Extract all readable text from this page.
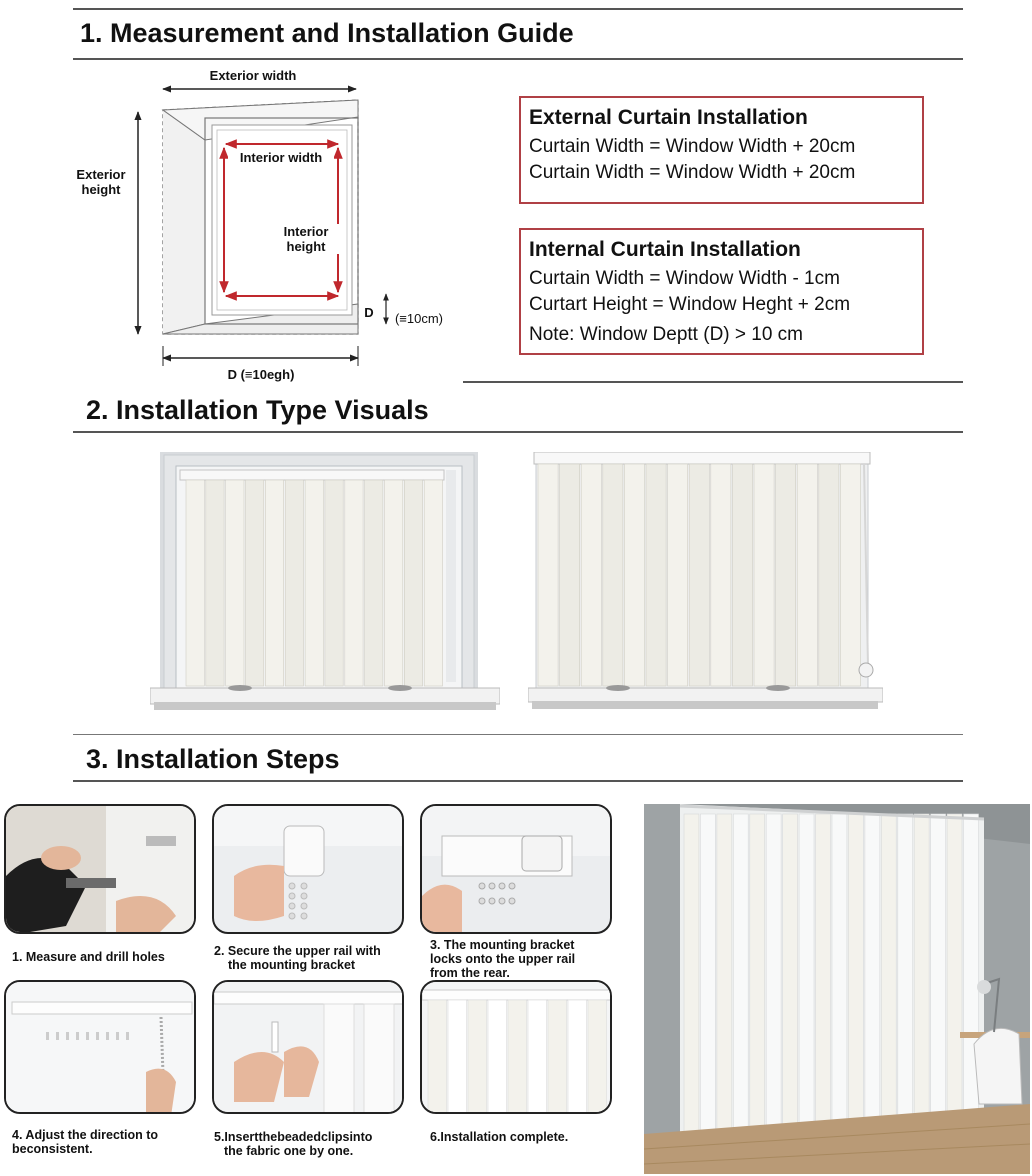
1. Measurement and Installation Guide
Exterior width
Exterior
height
Interior width
Interior
height
D	(≡10cm)
D (≡10egh)
External Curtain Installation
Curtain Width = Window Width + 20cm
Curtain Width = Window Width + 20cm
Internal Curtain Installation
Curtain Width = Window Width - 1cm
Curtart Height = Window Heght + 2cm
Note: Window Deptt (D) > 10 cm
2. Installation Type Visuals
3. Installation Steps
1. Measure and drill holes	2. Secure the upper rail with
the mounting bracket
3. The mounting bracket
locks onto the upper rail
from the rear.
4. Adjust the direction to
beconsistent.
5.Insertthebeadedclipsinto
the fabric one by one.
6.Installation complete.
